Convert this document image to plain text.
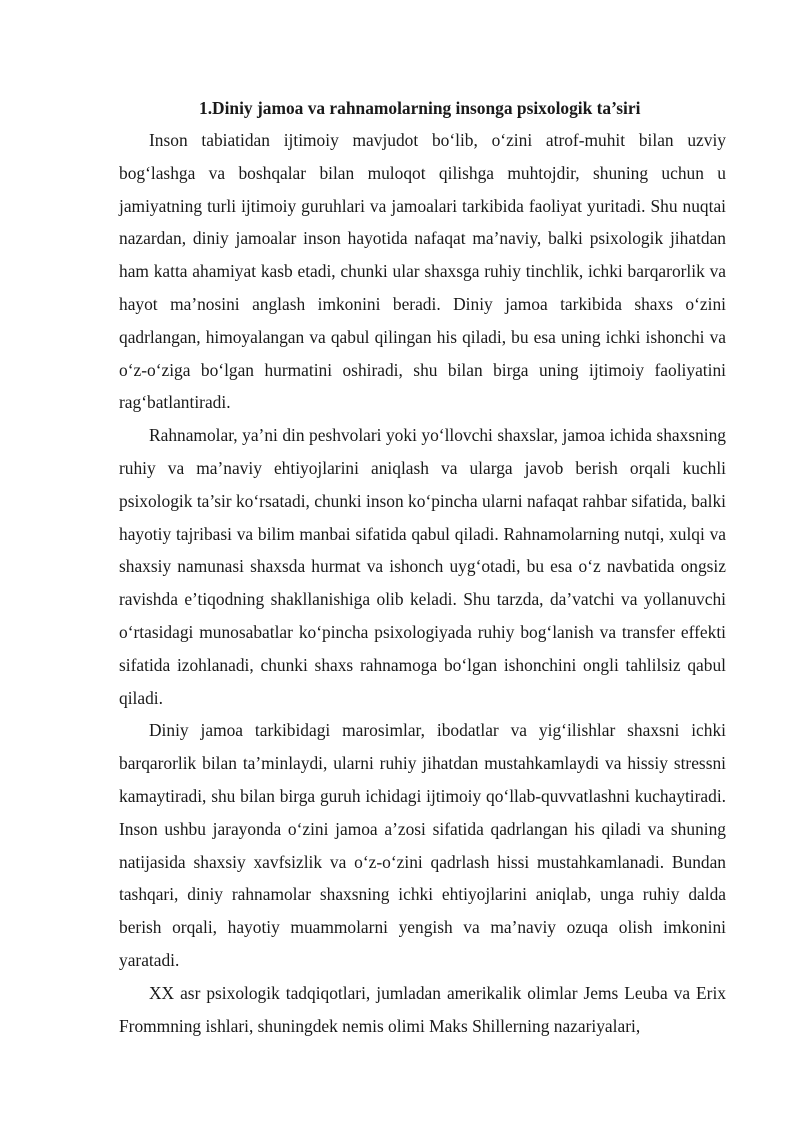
1.Diniy jamoa va rahnamolarning insonga psixologik ta’siri

Inson tabiatidan ijtimoiy mavjudot bo‘lib, o‘zini atrof-muhit bilan uzviy bog‘lashga va boshqalar bilan muloqot qilishga muhtojdir, shuning uchun u jamiyatning turli ijtimoiy guruhlari va jamoalari tarkibida faoliyat yuritadi. Shu nuqtai nazardan, diniy jamoalar inson hayotida nafaqat ma’naviy, balki psixologik jihatdan ham katta ahamiyat kasb etadi, chunki ular shaxsga ruhiy tinchlik, ichki barqarorlik va hayot ma’nosini anglash imkonini beradi. Diniy jamoa tarkibida shaxs o‘zini qadrlangan, himoyalangan va qabul qilingan his qiladi, bu esa uning ichki ishonchi va o‘z-o‘ziga bo‘lgan hurmatini oshiradi, shu bilan birga uning ijtimoiy faoliyatini rag‘batlantiradi.

Rahnamolar, ya’ni din peshvolari yoki yo‘llovchi shaxslar, jamoa ichida shaxsning ruhiy va ma’naviy ehtiyojlarini aniqlash va ularga javob berish orqali kuchli psixologik ta’sir ko‘rsatadi, chunki inson ko‘pincha ularni nafaqat rahbar sifatida, balki hayotiy tajribasi va bilim manbai sifatida qabul qiladi. Rahnamolarning nutqi, xulqi va shaxsiy namunasi shaxsda hurmat va ishonch uyg‘otadi, bu esa o‘z navbatida ongsiz ravishda e’tiqodning shakllanishiga olib keladi. Shu tarzda, da’vatchi va yollanuvchi o‘rtasidagi munosabatlar ko‘pincha psixologiyada ruhiy bog‘lanish va transfer effekti sifatida izohlanadi, chunki shaxs rahnamoga bo‘lgan ishonchini ongli tahlilsiz qabul qiladi.

Diniy jamoa tarkibidagi marosimlar, ibodatlar va yig‘ilishlar shaxsni ichki barqarorlik bilan ta’minlaydi, ularni ruhiy jihatdan mustahkamlaydi va hissiy stressni kamaytiradi, shu bilan birga guruh ichidagi ijtimoiy qo‘llab-quvvatlashni kuchaytiradi. Inson ushbu jarayonda o‘zini jamoa a’zosi sifatida qadrlangan his qiladi va shuning natijasida shaxsiy xavfsizlik va o‘z-o‘zini qadrlash hissi mustahkamlanadi. Bundan tashqari, diniy rahnamolar shaxsning ichki ehtiyojlarini aniqlab, unga ruhiy dalda berish orqali, hayotiy muammolarni yengish va ma’naviy ozuqa olish imkonini yaratadi.

XX asr psixologik tadqiqotlari, jumladan amerikalik olimlar Jems Leuba va Erix Frommning ishlari, shuningdek nemis olimi Maks Shillerning nazariyalari,
